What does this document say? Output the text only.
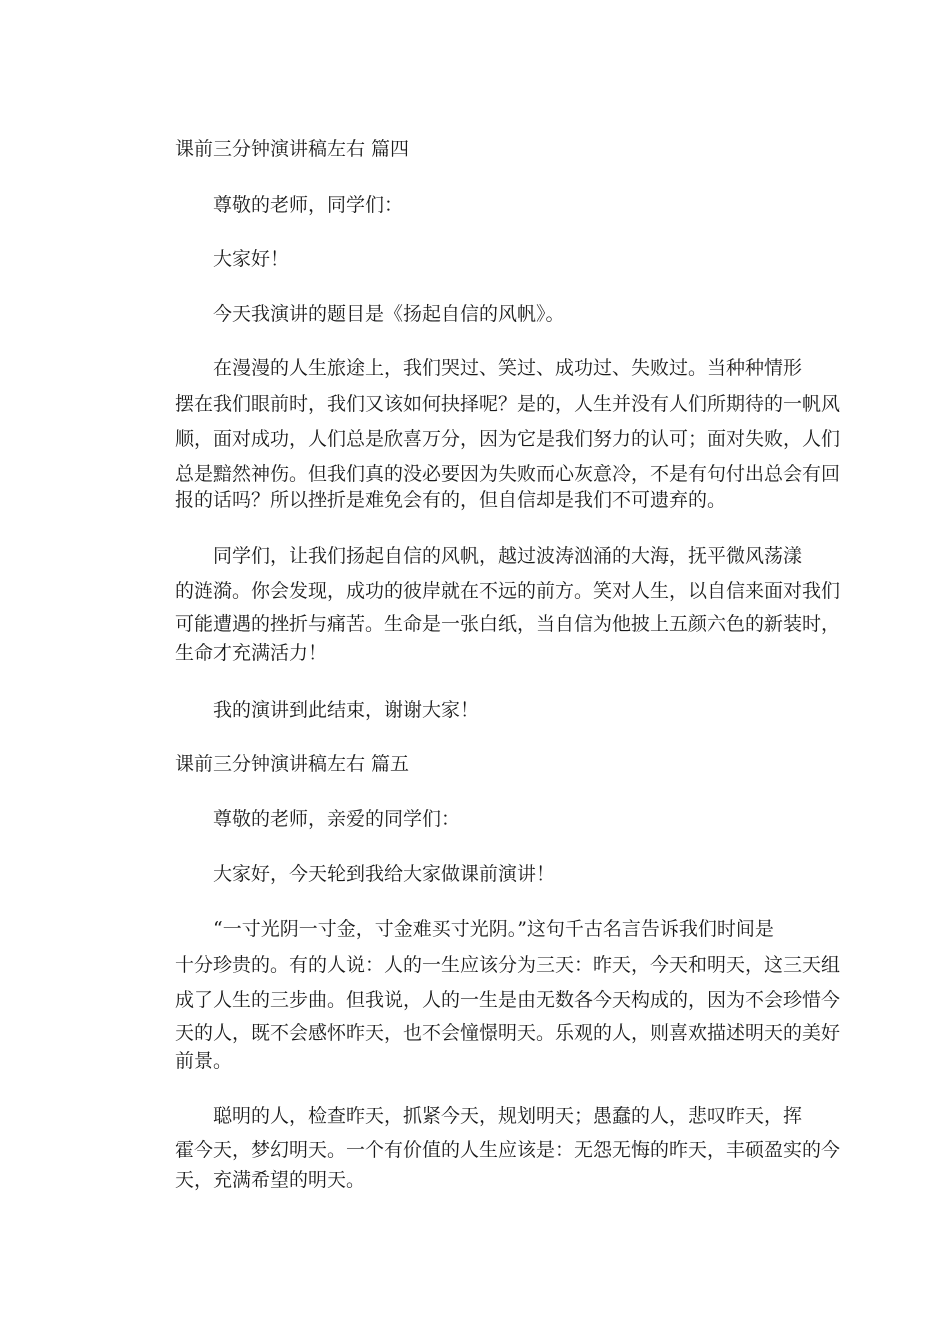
课前三分钟演讲稿左右 篇四
尊敬的老师，同学们：
大家好！
今天我演讲的题目是《扬起自信的风帆》。
在漫漫的人生旅途上，我们哭过、笑过、成功过、失败过。当种种情形
摆在我们眼前时，我们又该如何抉择呢？是的，人生并没有人们所期待的一帆风
顺，面对成功，人们总是欣喜万分，因为它是我们努力的认可；面对失败，人们
总是黯然神伤。但我们真的没必要因为失败而心灰意冷，不是有句付出总会有回
报的话吗？所以挫折是难免会有的，但自信却是我们不可遗弃的。
同学们，让我们扬起自信的风帆，越过波涛汹涌的大海，抚平微风荡漾
的涟漪。你会发现，成功的彼岸就在不远的前方。笑对人生，以自信来面对我们
可能遭遇的挫折与痛苦。生命是一张白纸，当自信为他披上五颜六色的新装时，
生命才充满活力！
我的演讲到此结束，谢谢大家！
课前三分钟演讲稿左右 篇五
尊敬的老师，亲爱的同学们：
大家好，今天轮到我给大家做课前演讲！
“一寸光阴一寸金，寸金难买寸光阴。”这句千古名言告诉我们时间是
十分珍贵的。有的人说：人的一生应该分为三天：昨天，今天和明天，这三天组
成了人生的三步曲。但我说，人的一生是由无数各今天构成的，因为不会珍惜今
天的人，既不会感怀昨天，也不会憧憬明天。乐观的人，则喜欢描述明天的美好
前景。
聪明的人，检查昨天，抓紧今天，规划明天；愚蠢的人，悲叹昨天，挥
霍今天，梦幻明天。一个有价值的人生应该是：无怨无悔的昨天，丰硕盈实的今
天，充满希望的明天。
